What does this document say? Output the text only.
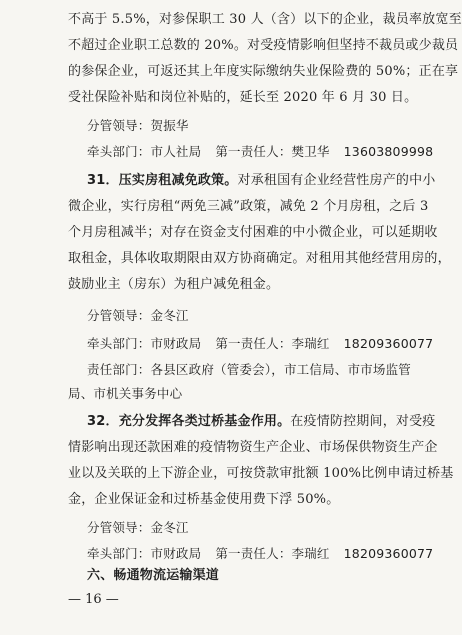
不高于 5.5%，对参保职工 30 人（含）以下的企业，裁员率放宽至
不超过企业职工总数的 20%。对受疫情影响但坚持不裁员或少裁员
的参保企业，可返还其上年度实际缴纳失业保险费的 50%；正在享
受社保险补贴和岗位补贴的，延长至 2020 年 6 月 30 日。
分管领导：贺振华
牵头部门：市人社局 第一责任人：樊卫华 13603809998
31．压实房租减免政策。对承租国有企业经营性房产的中小
微企业，实行房租“两免三减”政策，减免 2 个月房租，之后 3
个月房租减半；对存在资金支付困难的中小微企业，可以延期收
取租金，具体收取期限由双方协商确定。对租用其他经营用房的，
鼓励业主（房东）为租户减免租金。
分管领导：金冬江
牵头部门：市财政局 第一责任人：李瑞红 18209360077
责任部门：各县区政府（管委会），市工信局、市市场监管
局、市机关事务中心
32．充分发挥各类过桥基金作用。在疫情防控期间，对受疫
情影响出现还款困难的疫情物资生产企业、市场保供物资生产企
业以及关联的上下游企业，可按贷款审批额 100%比例申请过桥基
金，企业保证金和过桥基金使用费下浮 50%。
分管领导：金冬江
牵头部门：市财政局 第一责任人：李瑞红 18209360077
六、畅通物流运输渠道
— 16 —
